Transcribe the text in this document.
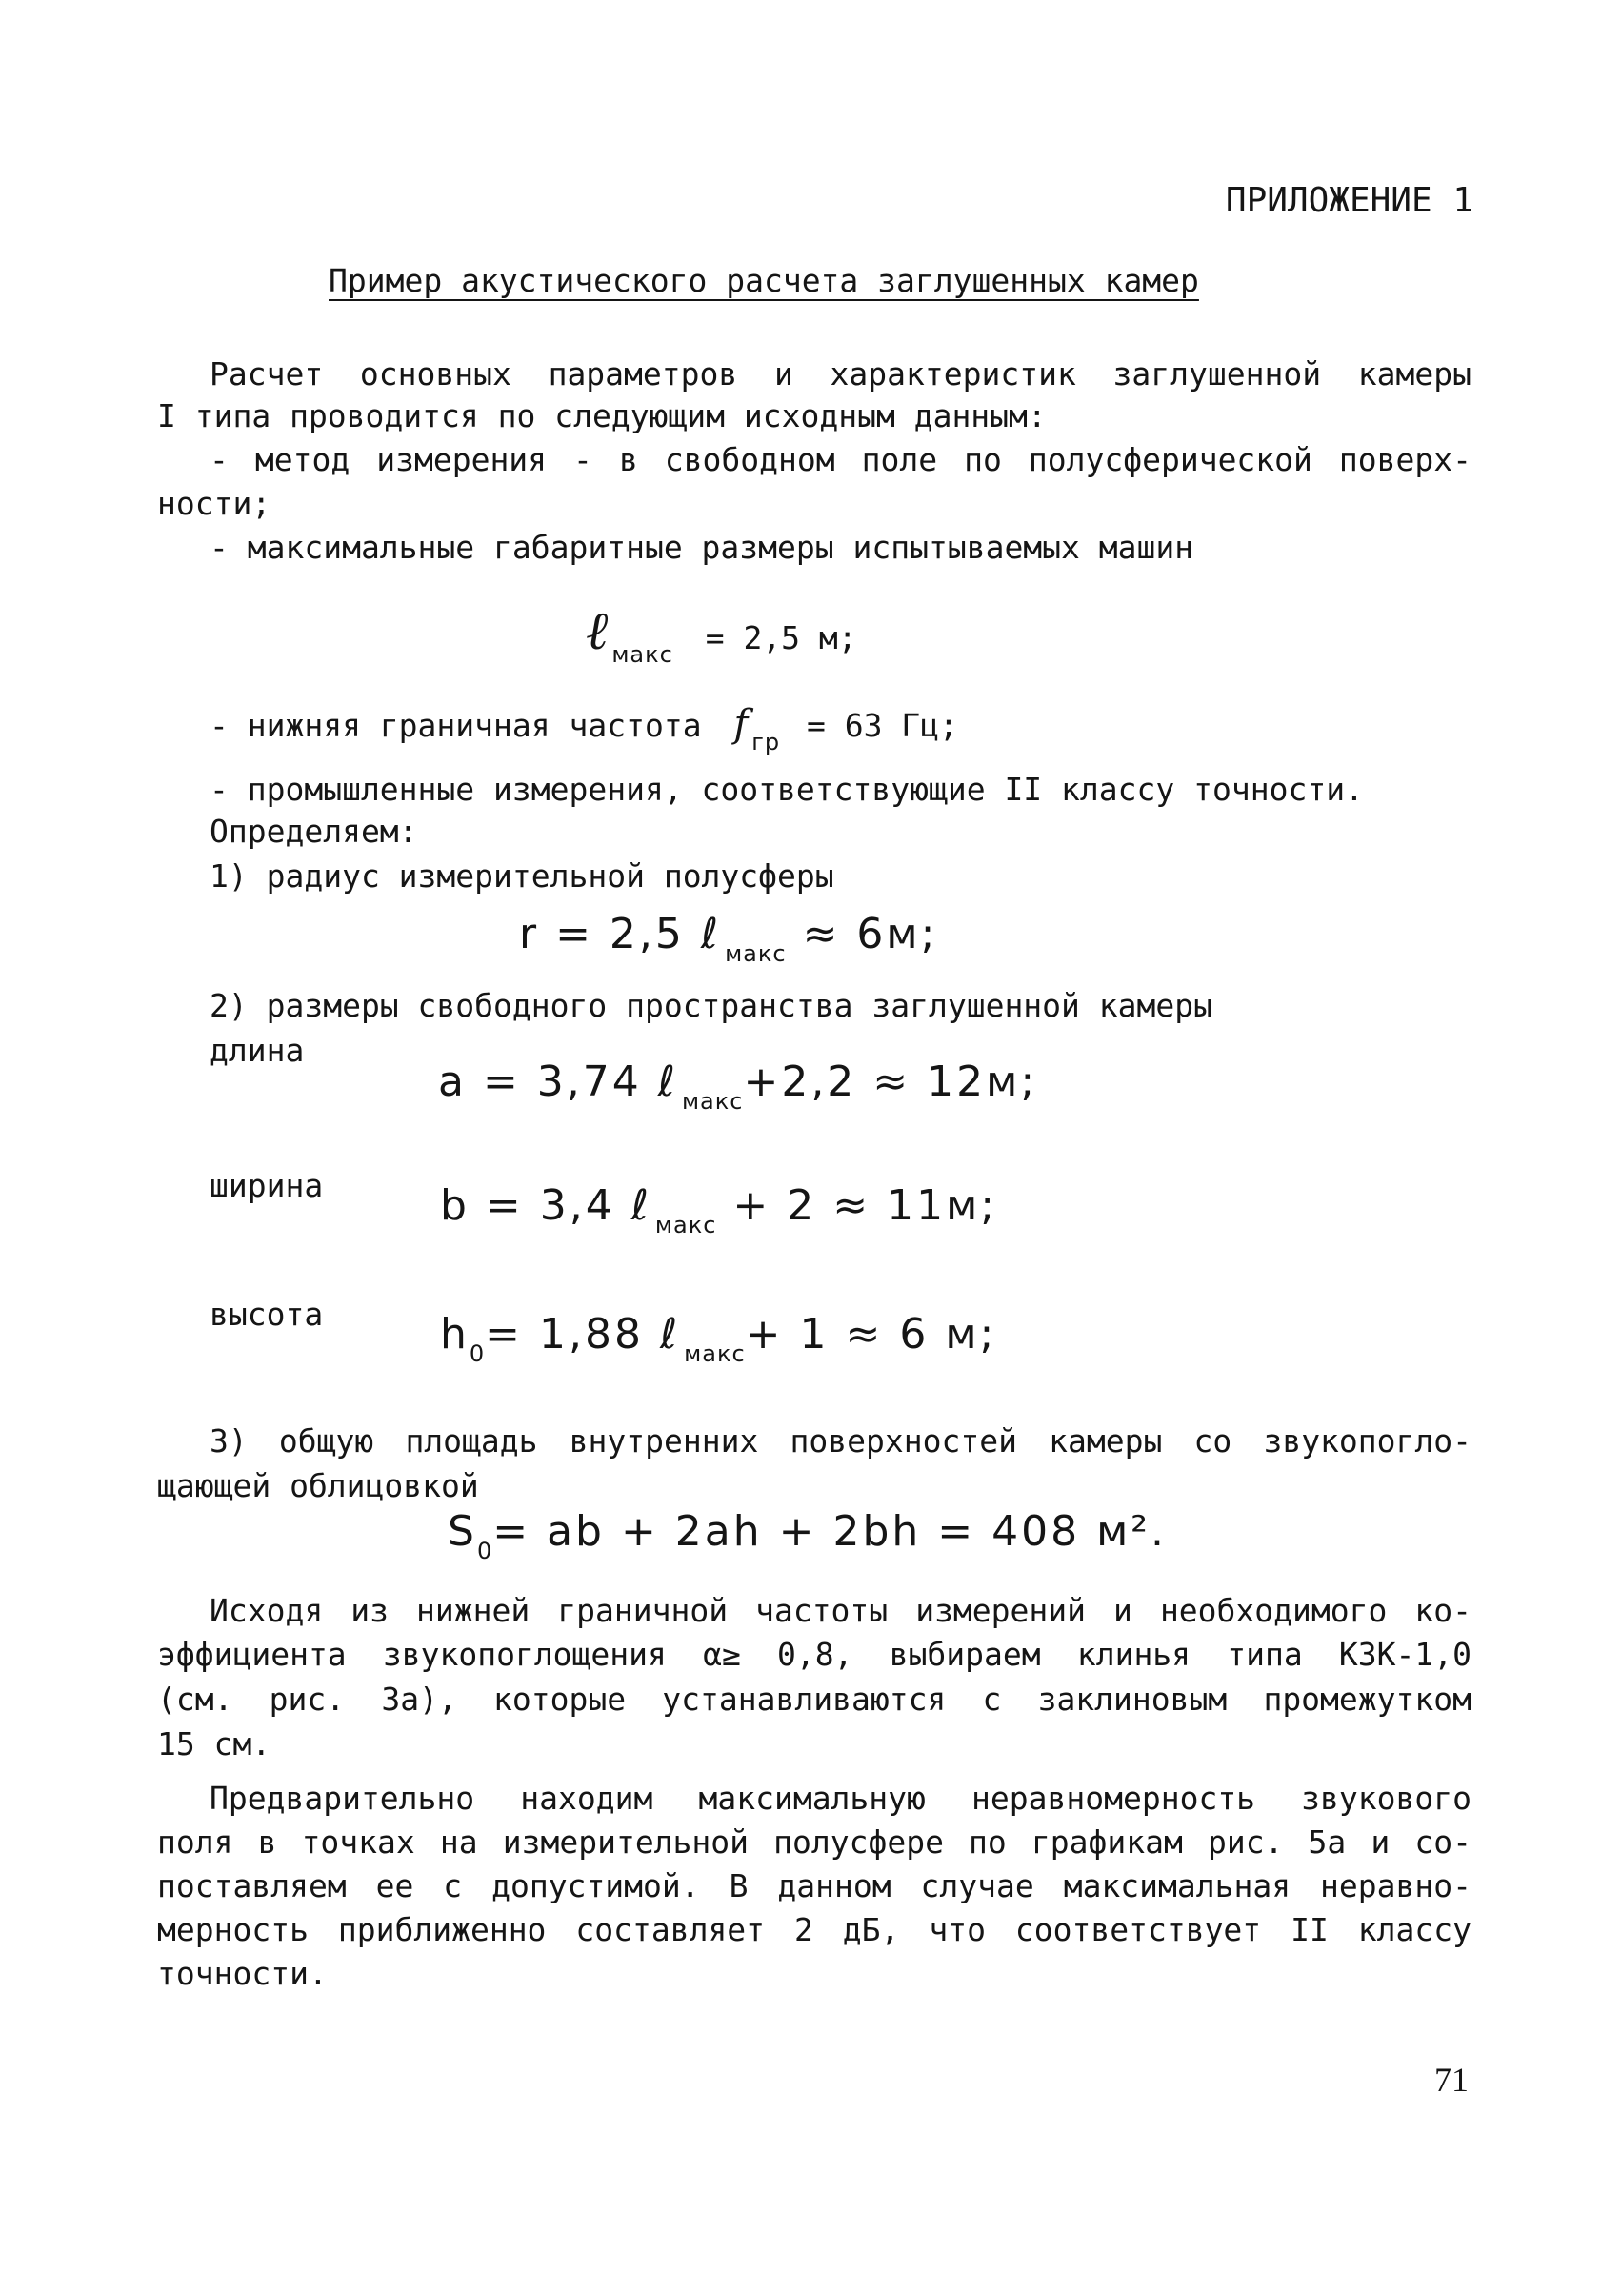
ПРИЛОЖЕНИЕ 1
Пример акустического расчета заглушенных камер
Расчет основных параметров и характеристик заглушенной камеры
I типа проводится по следующим исходным данным:
- метод измерения - в свободном поле по полусферической поверх-
ности;
- максимальные габаритные размеры испытываемых машин
ℓ $_{макс}$ = 2,5 м;
- нижняя граничная частота f $_{гр}$ = 63 Гц;
- промышленные измерения, соответствующие II классу точности.
Определяем:
1) радиус измерительной полусферы
r = 2,5 ℓ $_{макс}$ ≈ 6м;
2) размеры свободного пространства заглушенной камеры
длина
a = 3,74 ℓ $_{макс}$+2,2 ≈ 12м;
ширина	b = 3,4 ℓ $_{макс}$ + 2 ≈ 11м;
высота	$h_0= 1,88$ ℓ $_{макс}$+ 1 ≈ 6 м;
3) общую площадь внутренних поверхностей камеры со звукопогло-
щающей облицовкой
$S_0=$ ab + 2ah + 2bh = 408 м².
Исходя из нижней граничной частоты измерений и необходимого ко-
эффициента звукопоглощения α≥ 0,8, выбираем клинья типа КЗК-1,0
(см. рис. 3а), которые устанавливаются с заклиновым промежутком
15 см.
Предварительно находим максимальную неравномерность звукового
поля в точках на измерительной полусфере по графикам рис. 5а и со-
поставляем ее с допустимой. В данном случае максимальная неравно-
мерность приближенно составляет 2 дБ, что соответствует II классу
точности.
71
